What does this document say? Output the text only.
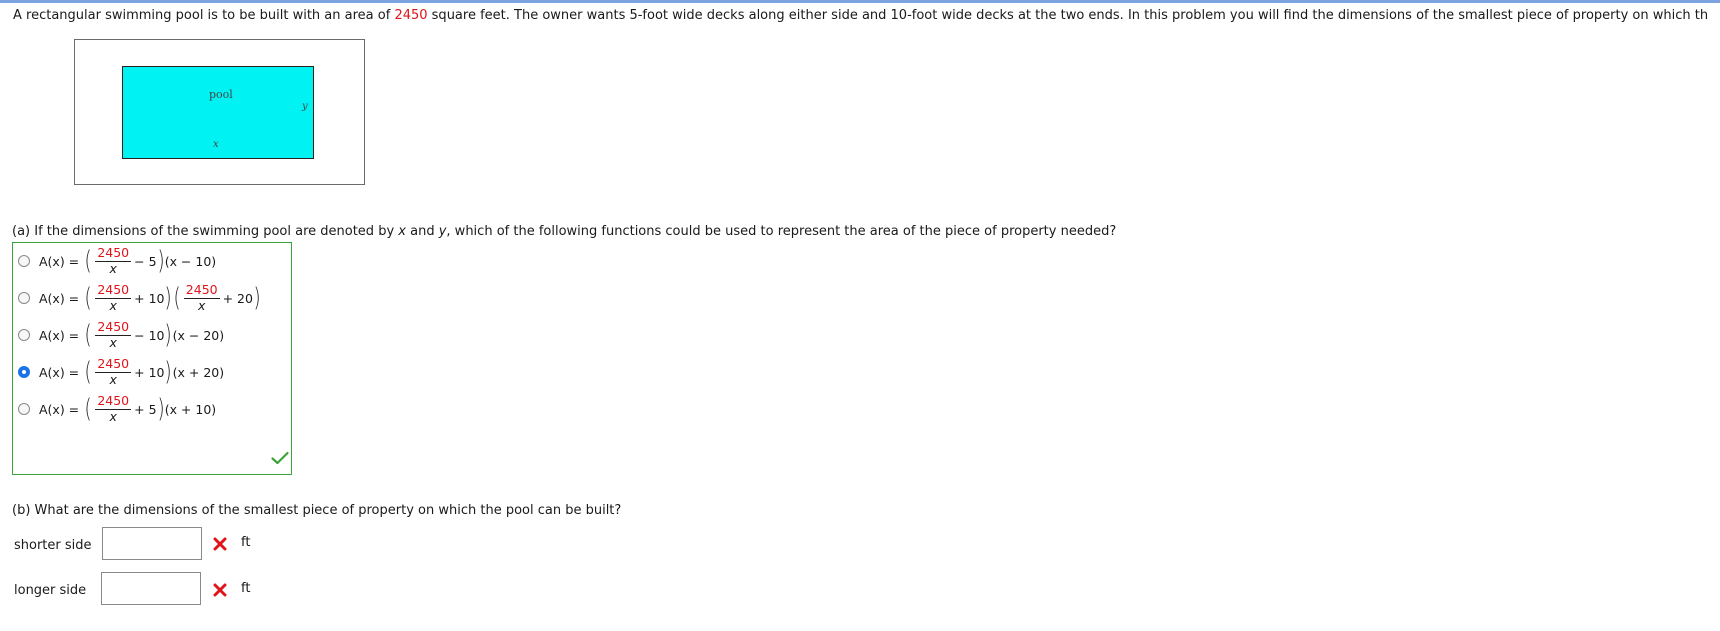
A rectangular swimming pool is to be built with an area of 2450 square feet. The owner wants 5-foot wide decks along either side and 10-foot wide decks at the two ends. In this problem you will find the dimensions of the smallest piece of property on which th
pool
y
x
(a) If the dimensions of the swimming pool are denoted by x and y, which of the following functions could be used to represent the area of the piece of property needed?
A(x) = ( $\frac{2450}{x} - 5$ ) (x − 10)
A(x) = ( $\frac{2450}{x} + 10$ ) ( $\frac{2450}{x} + 20$ )
A(x) = ( $\frac{2450}{x} - 10$ ) (x − 20)
A(x) = ( $\frac{2450}{x} + 10$ ) (x + 20)
A(x) = ( $\frac{2450}{x} + 5$ ) (x + 10)
(b) What are the dimensions of the smallest piece of property on which the pool can be built?
shorter side	ft
longer side	ft
